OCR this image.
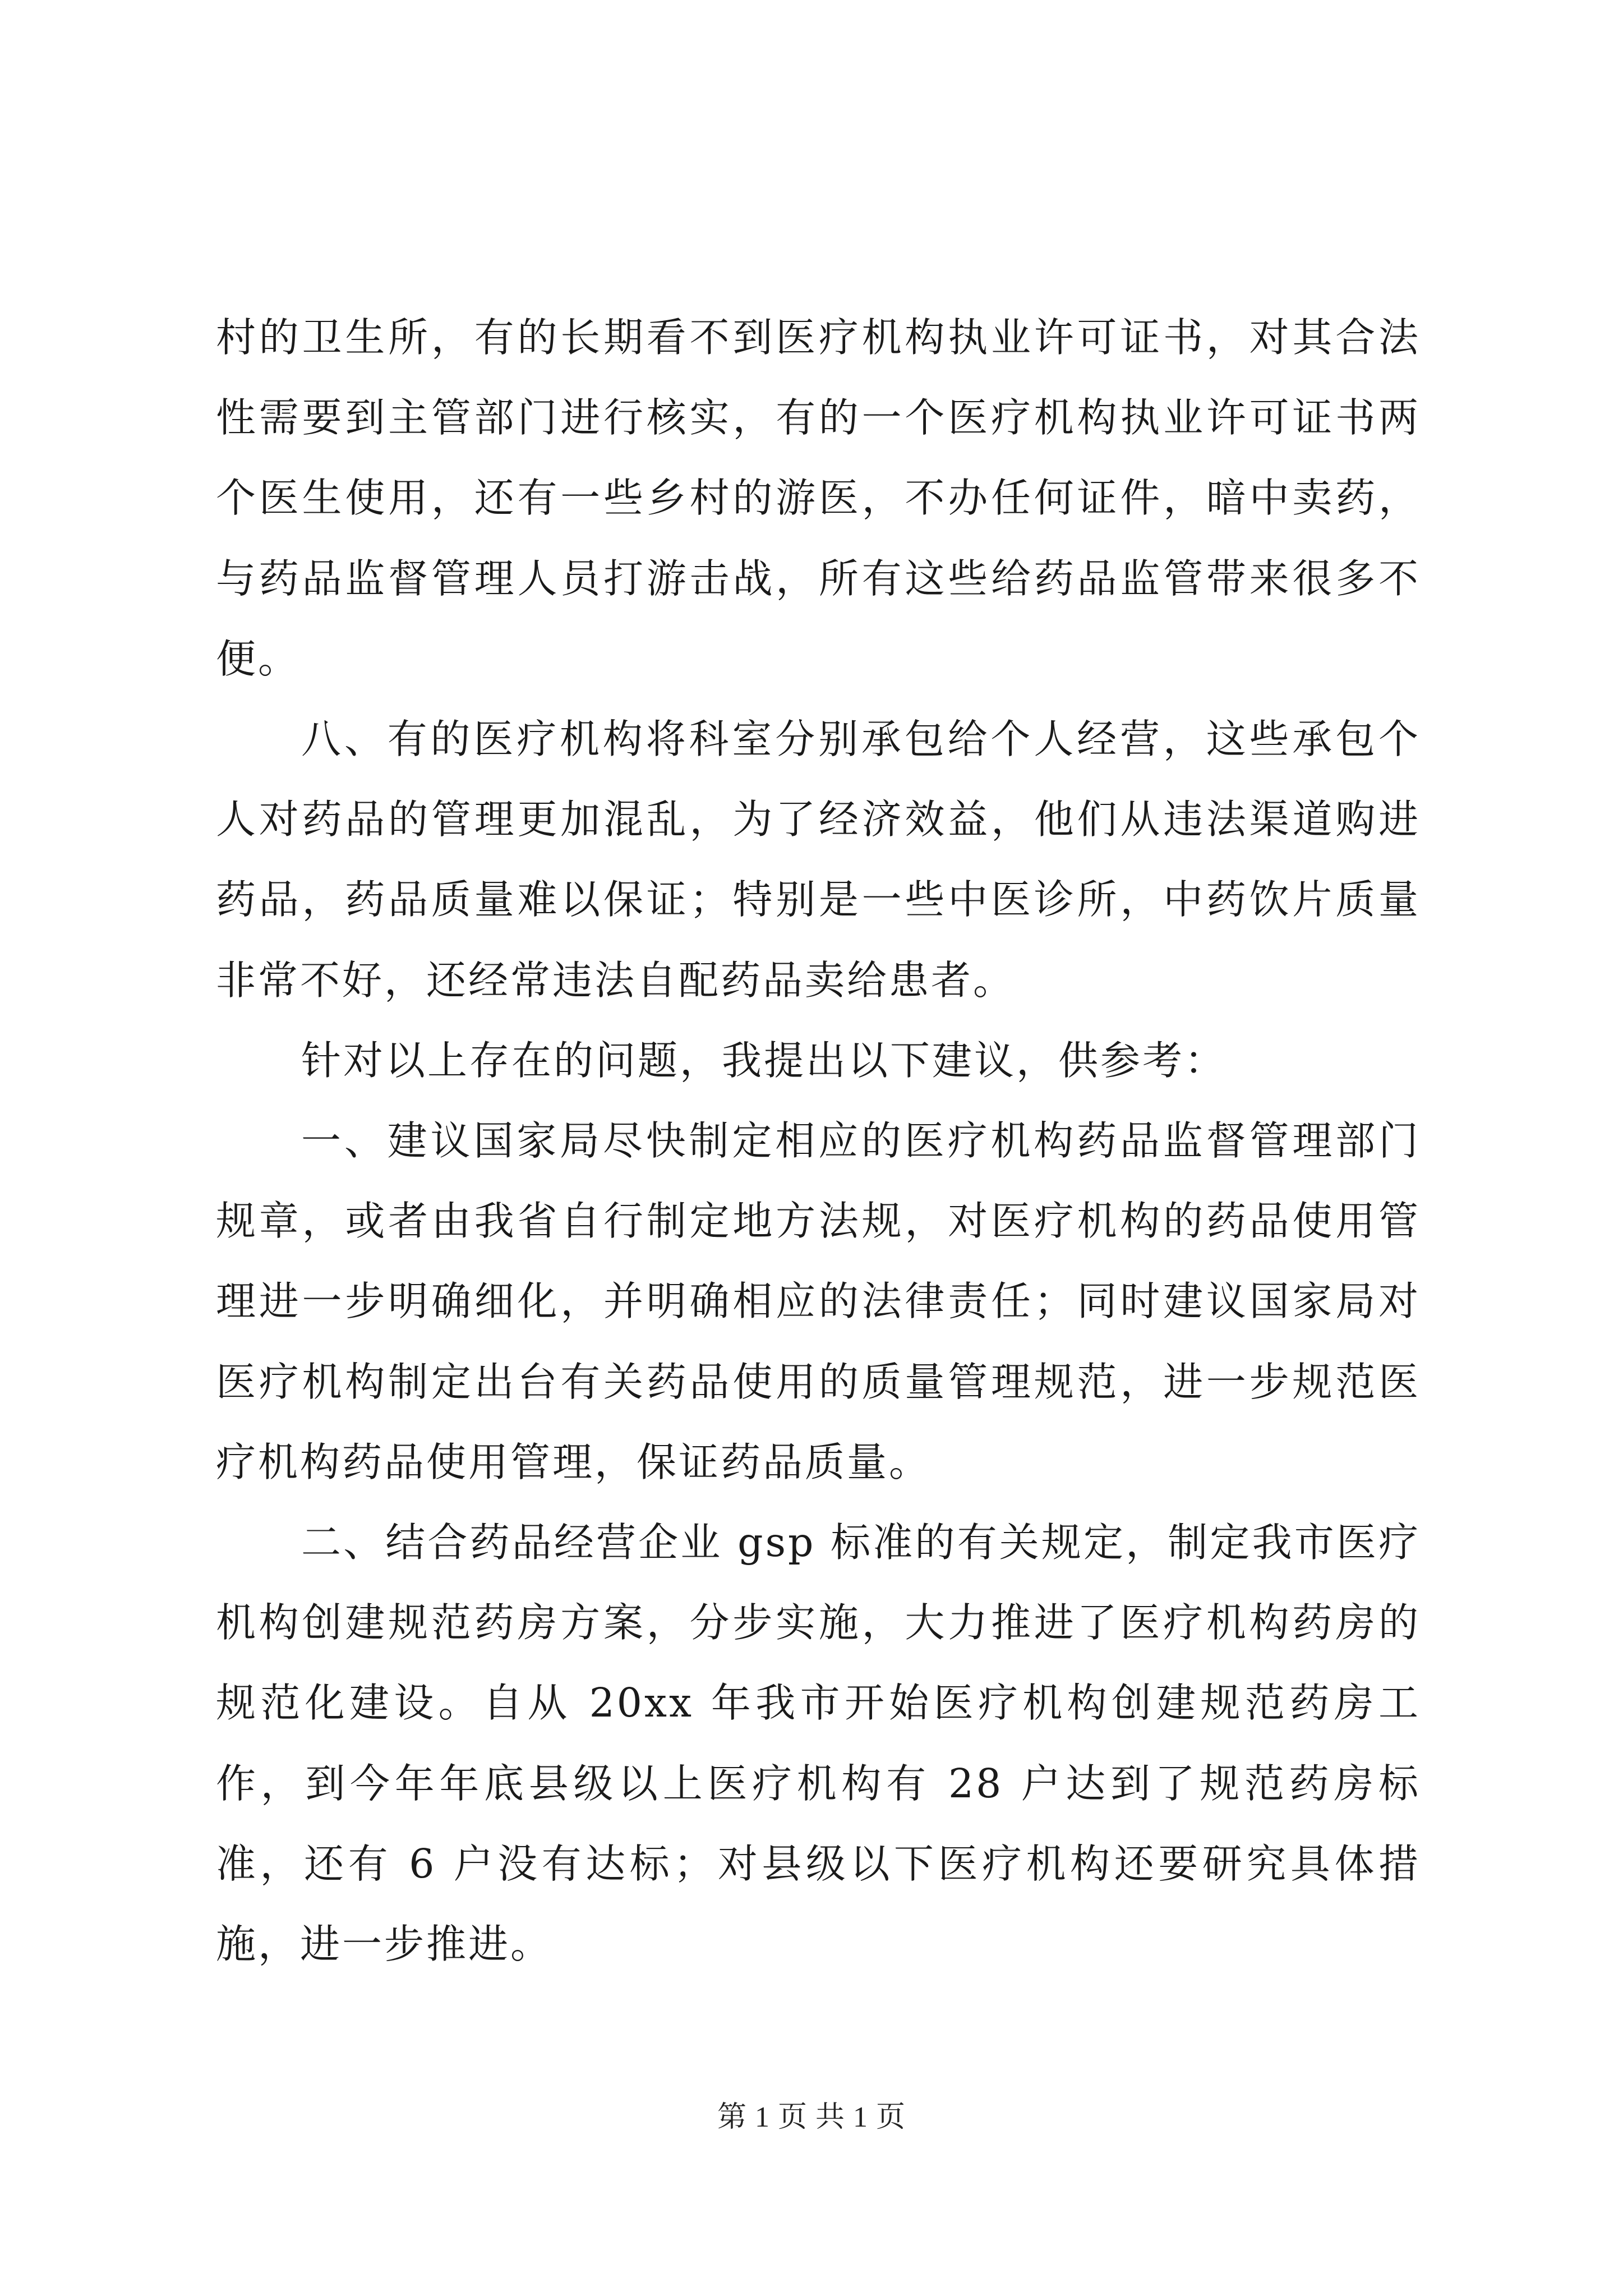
村的卫生所，有的长期看不到医疗机构执业许可证书，对其合法性需要到主管部门进行核实，有的一个医疗机构执业许可证书两个医生使用，还有一些乡村的游医，不办任何证件，暗中卖药，与药品监督管理人员打游击战，所有这些给药品监管带来很多不便。

八、有的医疗机构将科室分别承包给个人经营，这些承包个人对药品的管理更加混乱，为了经济效益，他们从违法渠道购进药品，药品质量难以保证；特别是一些中医诊所，中药饮片质量非常不好，还经常违法自配药品卖给患者。

针对以上存在的问题，我提出以下建议，供参考：

一、建议国家局尽快制定相应的医疗机构药品监督管理部门规章，或者由我省自行制定地方法规，对医疗机构的药品使用管理进一步明确细化，并明确相应的法律责任；同时建议国家局对医疗机构制定出台有关药品使用的质量管理规范，进一步规范医疗机构药品使用管理，保证药品质量。

二、结合药品经营企业 gsp 标准的有关规定，制定我市医疗机构创建规范药房方案，分步实施，大力推进了医疗机构药房的规范化建设。自从 20xx 年我市开始医疗机构创建规范药房工作，到今年年底县级以上医疗机构有 28 户达到了规范药房标准，还有 6 户没有达标；对县级以下医疗机构还要研究具体措施，进一步推进。

第 1 页 共 1 页
